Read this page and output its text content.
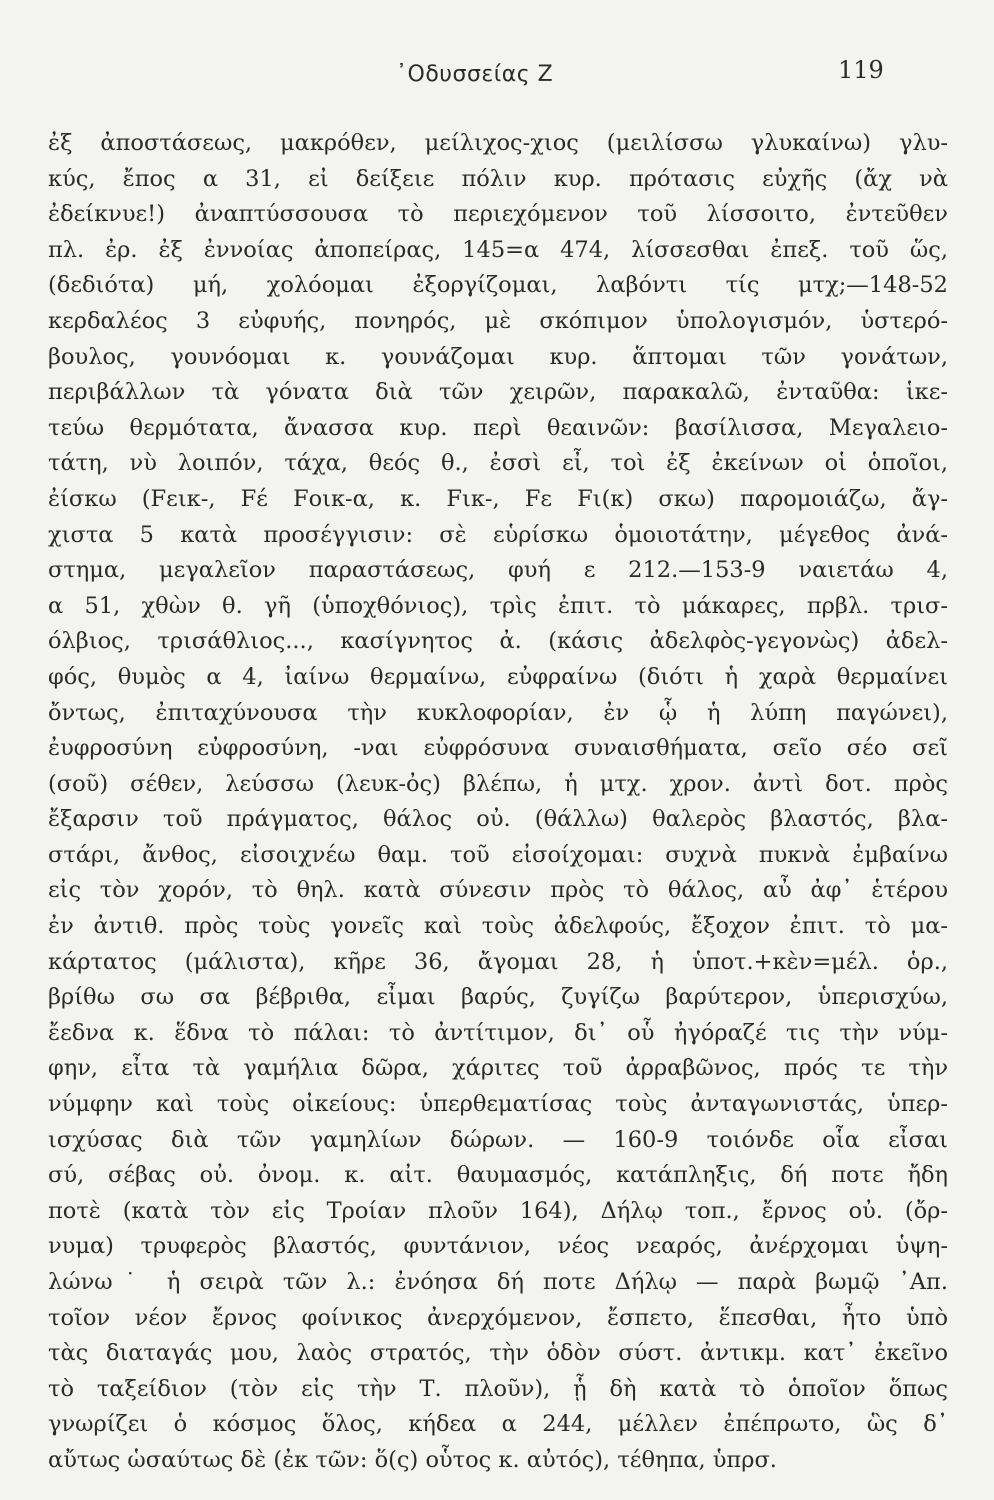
᾽Οδυσσείας Ζ	119
ἐξ ἀποστάσεως, μακρόθεν, μείλιχος-χιος (μειλίσσω γλυκαίνω) γλυ-
κύς, ἔπος α 31, εἰ δείξειε πόλιν κυρ. πρότασις εὐχῆς (ἄχ νὰ
ἐδείκνυε!) ἀναπτύσσουσα τὸ περιεχόμενον τοῦ λίσσοιτο, ἐντεῦθεν
πλ. ἐρ. ἐξ ἐννοίας ἀποπείρας, 145=α 474, λίσσεσθαι ἐπεξ. τοῦ ὥς,
(δεδιότα) μή, χολόομαι ἐξοργίζομαι, λαβόντι τίς μτχ;—148-52
κερδαλέος 3 εὐφυής, πονηρός, μὲ σκόπιμον ὑπολογισμόν, ὑστερό-
βουλος, γουνόομαι κ. γουνάζομαι κυρ. ἅπτομαι τῶν γονάτων,
περιβάλλων τὰ γόνατα διὰ τῶν χειρῶν, παρακαλῶ, ἐνταῦθα: ἱκε-
τεύω θερμότατα, ἄνασσα κυρ. περὶ θεαινῶν: βασίλισσα, Μεγαλειο-
τάτη, νὺ λοιπόν, τάχα, θεός θ., ἐσσὶ εἶ, τοὶ ἐξ ἐκείνων οἱ ὁποῖοι,
ἐίσκω (Fεικ-, Fέ Fοικ-α, κ. Fικ-, Fε Fι(κ) σκω) παρομοιάζω, ἄγ-
χιστα 5 κατὰ προσέγγισιν: σὲ εὑρίσκω ὁμοιοτάτην, μέγεθος ἀνά-
στημα, μεγαλεῖον παραστάσεως, φυή ε 212.—153-9 ναιετάω 4,
α 51, χθὼν θ. γῆ (ὑποχθόνιος), τρὶς ἐπιτ. τὸ μάκαρες, πρβλ. τρισ-
όλβιος, τρισάθλιος..., κασίγνητος ἀ. (κάσις ἀδελφὸς-γεγονὼς) ἀδελ-
φός, θυμὸς α 4, ἰαίνω θερμαίνω, εὐφραίνω (διότι ἡ χαρὰ θερμαίνει
ὄντως, ἐπιταχύνουσα τὴν κυκλοφορίαν, ἐν ᾧ ἡ λύπη παγώνει),
ἐυφροσύνη εὐφροσύνη, -ναι εὐφρόσυνα συναισθήματα, σεῖο σέο σεῖ
(σοῦ) σέθεν, λεύσσω (λευκ-ὀς) βλέπω, ἡ μτχ. χρον. ἀντὶ δοτ. πρὸς
ἔξαρσιν τοῦ πράγματος, θάλος οὐ. (θάλλω) θαλερὸς βλαστός, βλα-
στάρι, ἄνθος, εἰσοιχνέω θαμ. τοῦ εἰσοίχομαι: συχνὰ πυκνὰ ἐμβαίνω
εἰς τὸν χορόν, τὸ θηλ. κατὰ σύνεσιν πρὸς τὸ θάλος, αὖ ἀφ᾽ ἑτέρου
ἐν ἀντιθ. πρὸς τοὺς γονεῖς καὶ τοὺς ἀδελφούς, ἔξοχον ἐπιτ. τὸ μα-
κάρτατος (μάλιστα), κῆρε 36, ἄγομαι 28, ἡ ὑποτ.+κὲν=μέλ. ὁρ.,
βρίθω σω σα βέβριθα, εἶμαι βαρύς, ζυγίζω βαρύτερον, ὑπερισχύω,
ἔεδνα κ. ἕδνα τὸ πάλαι: τὸ ἀντίτιμον, δι᾽ οὗ ἠγόραζέ τις τὴν νύμ-
φην, εἶτα τὰ γαμήλια δῶρα, χάριτες τοῦ ἀρραβῶνος, πρός τε τὴν
νύμφην καὶ τοὺς οἰκείους: ὑπερθεματίσας τοὺς ἀνταγωνιστάς, ὑπερ-
ισχύσας διὰ τῶν γαμηλίων δώρων. — 160-9 τοιόνδε οἷα εἶσαι
σύ, σέβας οὐ. ὀνομ. κ. αἰτ. θαυμασμός, κατάπληξις, δή ποτε ἤδη
ποτὲ (κατὰ τὸν εἰς Τροίαν πλοῦν 164), Δήλῳ τοπ., ἔρνος οὐ. (ὄρ-
νυμα) τρυφερὸς βλαστός, φυντάνιον, νέος νεαρός, ἀνέρχομαι ὑψη-
λώνω˙ ἡ σειρὰ τῶν λ.: ἐνόησα δή ποτε Δήλῳ — παρὰ βωμῷ ᾽Απ.
τοῖον νέον ἔρνος φοίνικος ἀνερχόμενον, ἔσπετο, ἕπεσθαι, ἦτο ὑπὸ
τὰς διαταγάς μου, λαὸς στρατός, τὴν ὁδὸν σύστ. ἀντικμ. κατ᾽ ἐκεῖνο
τὸ ταξείδιον (τὸν εἰς τὴν Τ. πλοῦν), ᾗ δὴ κατὰ τὸ ὁποῖον ὅπως
γνωρίζει ὁ κόσμος ὅλος, κήδεα α 244, μέλλεν ἐπέπρωτο, ὣς δ᾽
αὔτως ὡσαύτως δὲ (ἐκ τῶν: ὅ(ς) οὗτος κ. αὐτός), τέθηπα, ὑπρσ.
